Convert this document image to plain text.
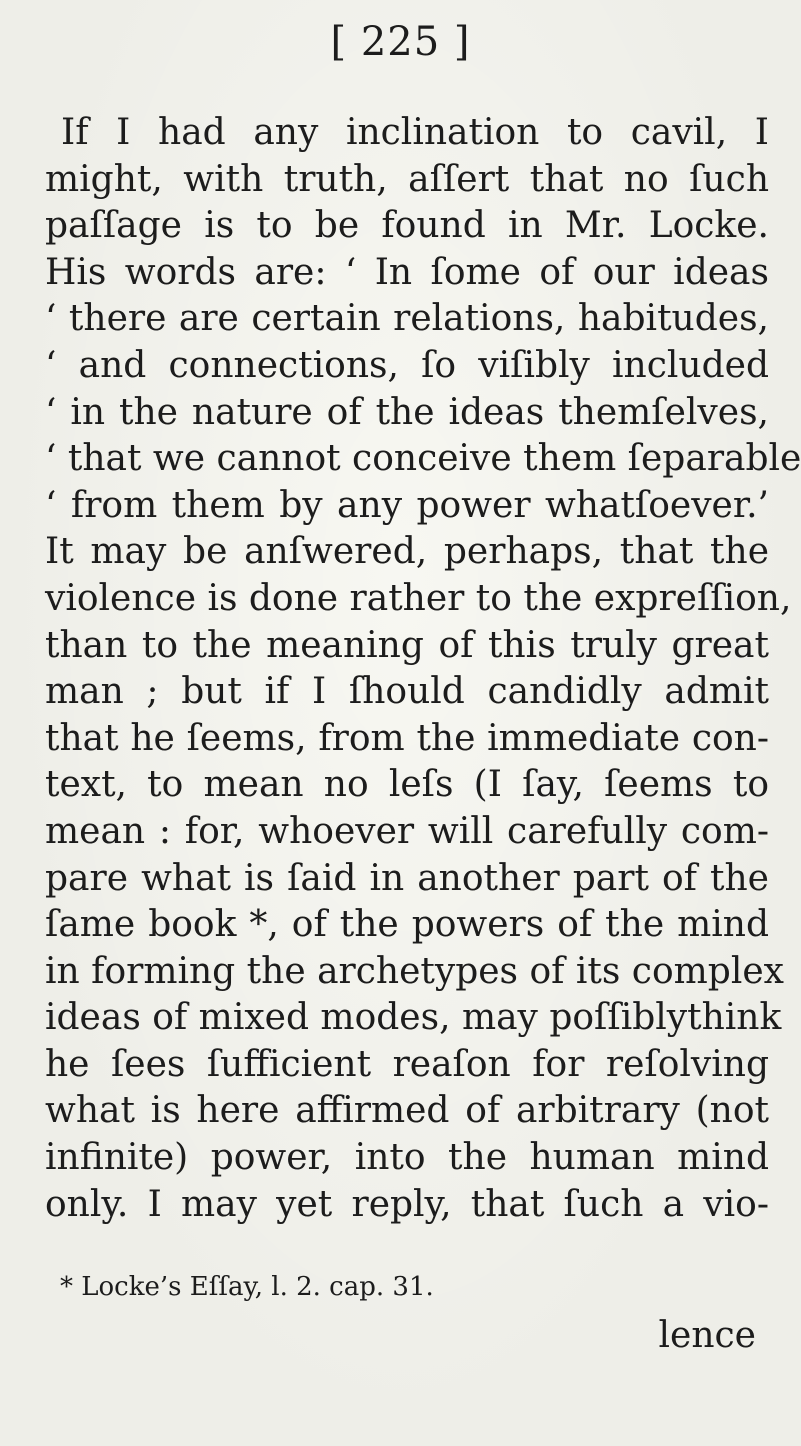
[ 225 ]
If I had any inclination to cavil, I
might, with truth, aſſert that no ſuch
paſſage is to be found in Mr. Locke.
His words are: ‘ In ſome of our ideas
‘ there are certain relations, habitudes,
‘ and connections, ſo viſibly included
‘ in the nature of the ideas themſelves,
‘ that we cannot conceive them ſeparable
‘ from them by any power whatſoever.’
It may be anſwered, perhaps, that the
violence is done rather to the expreſſion,
than to the meaning of this truly great
man ; but if I ſhould candidly admit
that he ſeems, from the immediate con-
text, to mean no leſs (I ſay, ſeems to
mean : for, whoever will carefully com-
pare what is ſaid in another part of the
ſame book *, of the powers of the mind
in forming the archetypes of its complex
ideas of mixed modes, may poſſiblythink
he ſees ſufficient reaſon for reſolving
what is here affirmed of arbitrary (not
infinite) power, into the human mind
only. I may yet reply, that ſuch a vio-
* Locke’s Eſſay, l. 2. cap. 31.
lence
